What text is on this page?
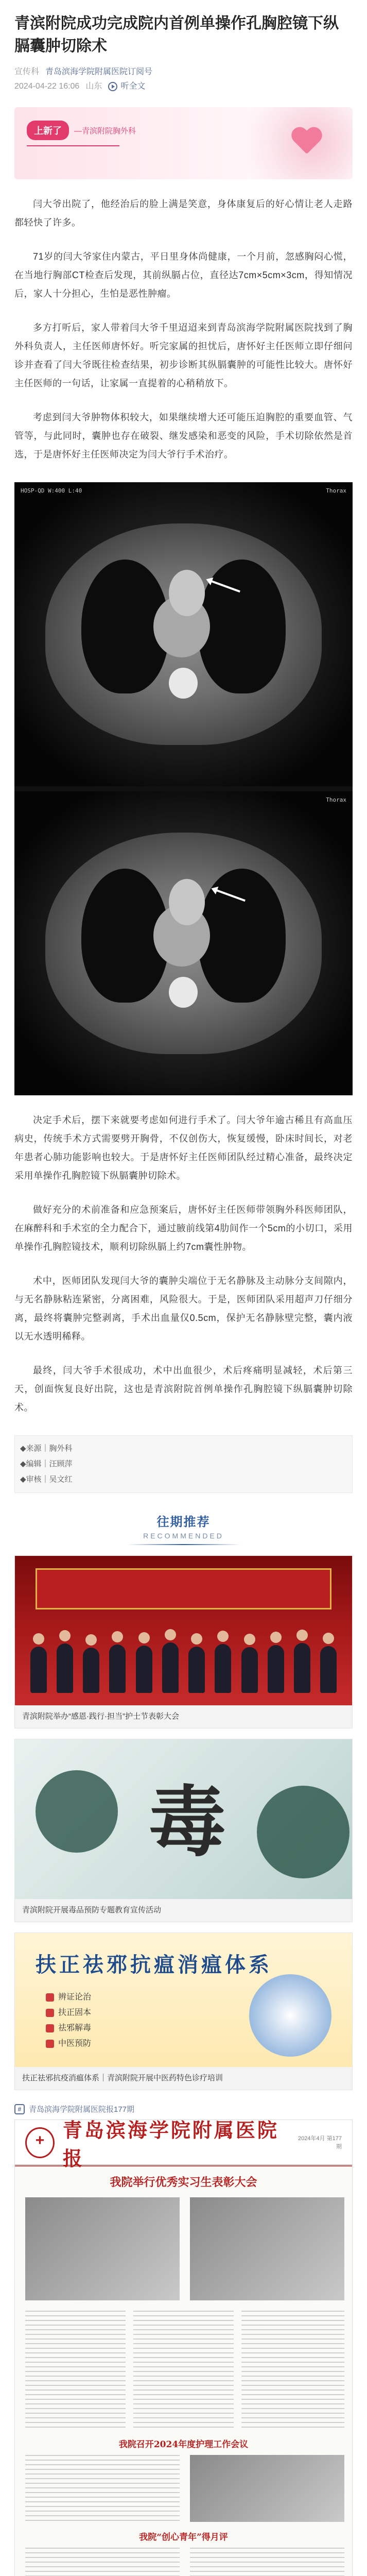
青滨附院成功完成院内首例单操作孔胸腔镜下纵膈囊肿切除术
宣传科 青岛滨海学院附属医院订阅号
2024-04-22 16:06 山东 听全文
上新了	—青滨附院胸外科

闫大爷出院了，他经治后的脸上满是笑意，身体康复后的好心情让老人走路都轻快了许多。

71岁的闫大爷家住内蒙古，平日里身体尚健康，一个月前，忽感胸闷心慌，在当地行胸部CT检查后发现，其前纵膈占位，直径达7cm×5cm×3cm，得知情况后，家人十分担心，生怕是恶性肿瘤。

多方打听后，家人带着闫大爷千里迢迢来到青岛滨海学院附属医院找到了胸外科负责人，主任医师唐怀好。听完家属的担忧后，唐怀好主任医师立即仔细问诊并查看了闫大爷既往检查结果，初步诊断其纵膈囊肿的可能性比较大。唐怀好主任医师的一句话，让家属一直提着的心稍稍放下。

考虑到闫大爷肿物体积较大，如果继续增大还可能压迫胸腔的重要血管、气管等，与此同时，囊肿也存在破裂、继发感染和恶变的风险，手术切除依然是首选，于是唐怀好主任医师决定为闫大爷行手术治疗。

HOSP-QD W:400 L:40	Thorax
Thorax

决定手术后，摆下来就要考虑如何进行手术了。闫大爷年逾古稀且有高血压病史，传统手术方式需要劈开胸骨，不仅创伤大，恢复缓慢，卧床时间长，对老年患者心肺功能影响也较大。于是唐怀好主任医师团队经过精心准备，最终决定采用单操作孔胸腔镜下纵膈囊肿切除术。

做好充分的术前准备和应急预案后，唐怀好主任医师带领胸外科医师团队，在麻醉科和手术室的全力配合下，通过腋前线第4肋间作一个5cm的小切口，采用单操作孔胸腔镜技术，顺利切除纵膈上约7cm囊性肿物。

术中，医师团队发现闫大爷的囊肿尖端位于无名静脉及主动脉分支间隙内，与无名静脉粘连紧密，分离困难，风险很大。于是，医师团队采用超声刀仔细分离，最终将囊肿完整剥离，手术出血量仅0.5cm，保护无名静脉壁完整，囊内液以无水透明稀释。

最终，闫大爷手术很成功，术中出血很少，术后疼痛明显减轻，术后第三天，创面恢复良好出院，这也是青滨附院首例单操作孔胸腔镜下纵膈囊肿切除术。

◆来源｜胸外科

◆编辑｜汪顾萍

◆审核｜吴文红

往期推荐
RECOMMENDED
青滨附院举办“感恩·践行·担当”护士节表彰大会
毒
青滨附院开展毒品预防专题教育宣传活动
扶正祛邪抗瘟消瘟体系
辨证论治
扶正固本
祛邪解毒
中医预防
扶正祛邪抗疫消瘟体系｜青滨附院开展中医药特色诊疗培训
# 青岛滨海学院附属医院报177期
+
青岛滨海学院附属医院报
2024年4月 第177期
我院举行优秀实习生表彰大会
我院召开2024年度护理工作会议
我院“创心青年”得月评
